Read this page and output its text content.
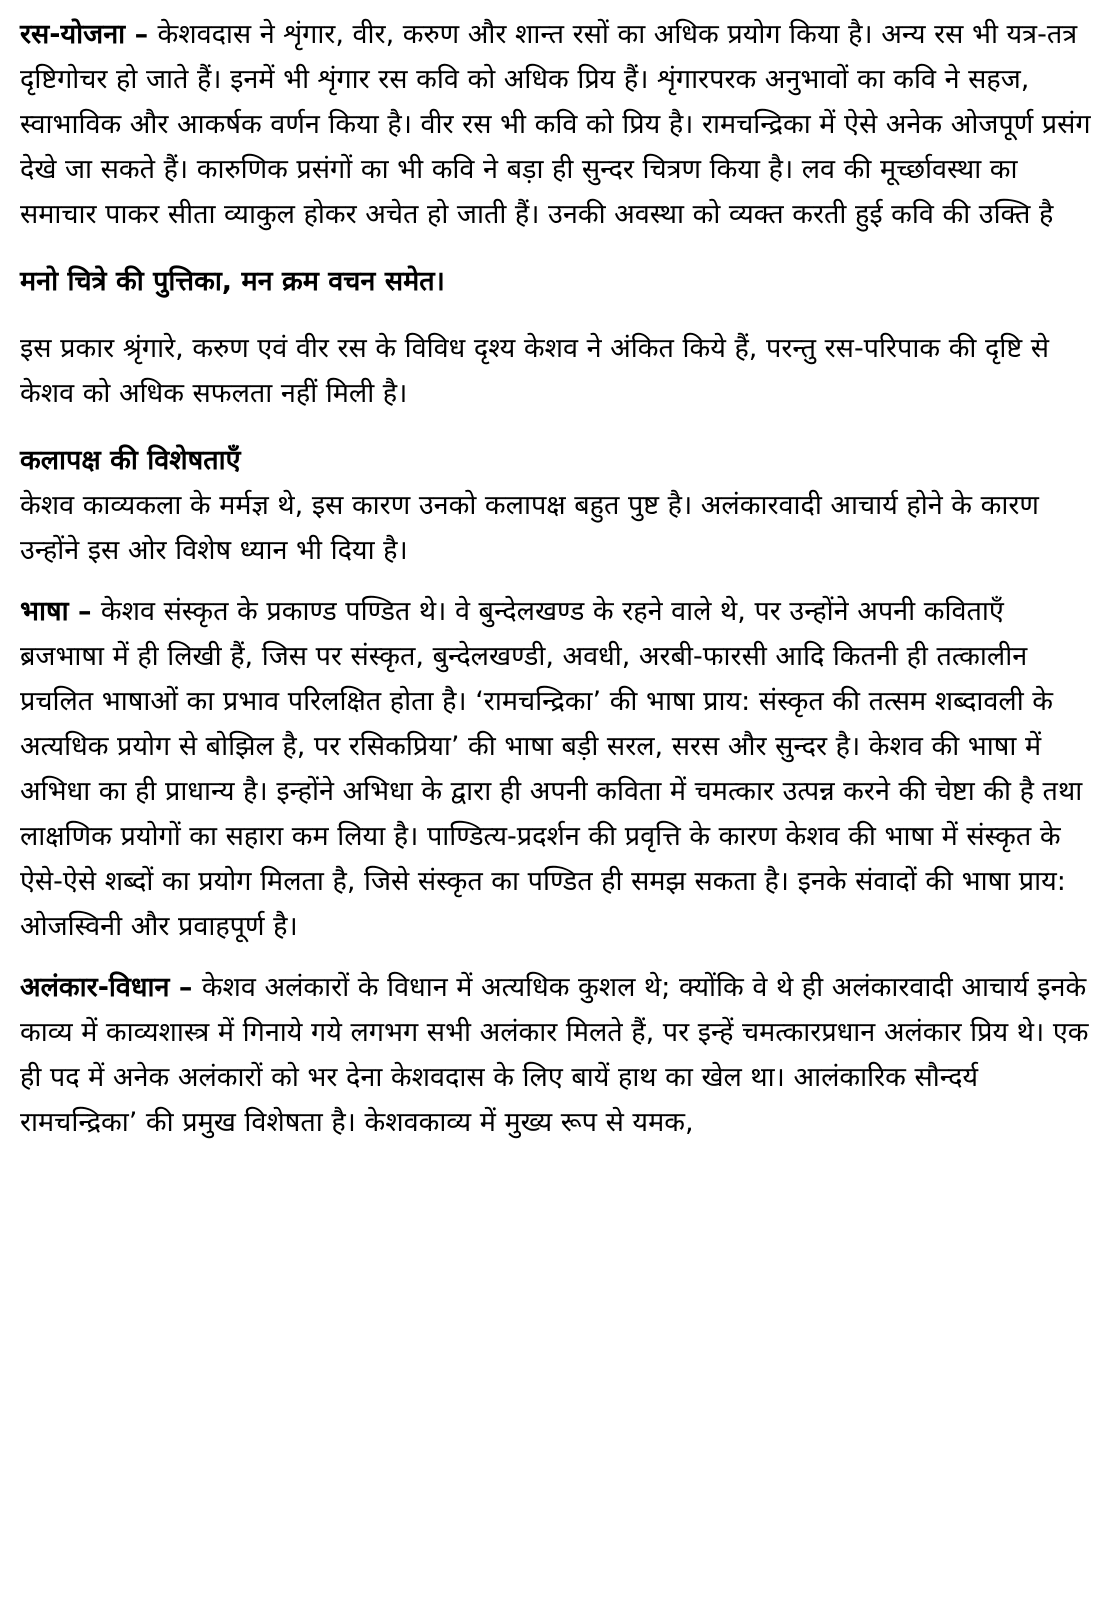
रस-योजना – केशवदास ने शृंगार, वीर, करुण और शान्त रसों का अधिक प्रयोग किया है। अन्य रस भी यत्र-तत्र दृष्टिगोचर हो जाते हैं। इनमें भी शृंगार रस कवि को अधिक प्रिय हैं। शृंगारपरक अनुभावों का कवि ने सहज, स्वाभाविक और आकर्षक वर्णन किया है। वीर रस भी कवि को प्रिय है। रामचन्द्रिका में ऐसे अनेक ओजपूर्ण प्रसंग देखे जा सकते हैं। कारुणिक प्रसंगों का भी कवि ने बड़ा ही सुन्दर चित्रण किया है। लव की मूर्च्छावस्था का समाचार पाकर सीता व्याकुल होकर अचेत हो जाती हैं। उनकी अवस्था को व्यक्त करती हुई कवि की उक्ति है

मनो चित्रे की पुत्तिका, मन क्रम वचन समेत।

इस प्रकार श्रृंगारे, करुण एवं वीर रस के विविध दृश्य केशव ने अंकित किये हैं, परन्तु रस-परिपाक की दृष्टि से केशव को अधिक सफलता नहीं मिली है।

कलापक्ष की विशेषताएँ

केशव काव्यकला के मर्मज्ञ थे, इस कारण उनको कलापक्ष बहुत पुष्ट है। अलंकारवादी आचार्य होने के कारण उन्होंने इस ओर विशेष ध्यान भी दिया है।

भाषा – केशव संस्कृत के प्रकाण्ड पण्डित थे। वे बुन्देलखण्ड के रहने वाले थे, पर उन्होंने अपनी कविताएँ ब्रजभाषा में ही लिखी हैं, जिस पर संस्कृत, बुन्देलखण्डी, अवधी, अरबी-फारसी आदि कितनी ही तत्कालीन प्रचलित भाषाओं का प्रभाव परिलक्षित होता है। ‘रामचन्द्रिका’ की भाषा प्राय: संस्कृत की तत्सम शब्दावली के अत्यधिक प्रयोग से बोझिल है, पर रसिकप्रिया’ की भाषा बड़ी सरल, सरस और सुन्दर है। केशव की भाषा में अभिधा का ही प्राधान्य है। इन्होंने अभिधा के द्वारा ही अपनी कविता में चमत्कार उत्पन्न करने की चेष्टा की है तथा लाक्षणिक प्रयोगों का सहारा कम लिया है। पाण्डित्य-प्रदर्शन की प्रवृत्ति के कारण केशव की भाषा में संस्कृत के ऐसे-ऐसे शब्दों का प्रयोग मिलता है, जिसे संस्कृत का पण्डित ही समझ सकता है। इनके संवादों की भाषा प्राय: ओजस्विनी और प्रवाहपूर्ण है।

अलंकार-विधान – केशव अलंकारों के विधान में अत्यधिक कुशल थे; क्योंकि वे थे ही अलंकारवादी आचार्य इनके काव्य में काव्यशास्त्र में गिनाये गये लगभग सभी अलंकार मिलते हैं, पर इन्हें चमत्कारप्रधान अलंकार प्रिय थे। एक ही पद में अनेक अलंकारों को भर देना केशवदास के लिए बायें हाथ का खेल था। आलंकारिक सौन्दर्य रामचन्द्रिका’ की प्रमुख विशेषता है। केशवकाव्य में मुख्य रूप से यमक,
